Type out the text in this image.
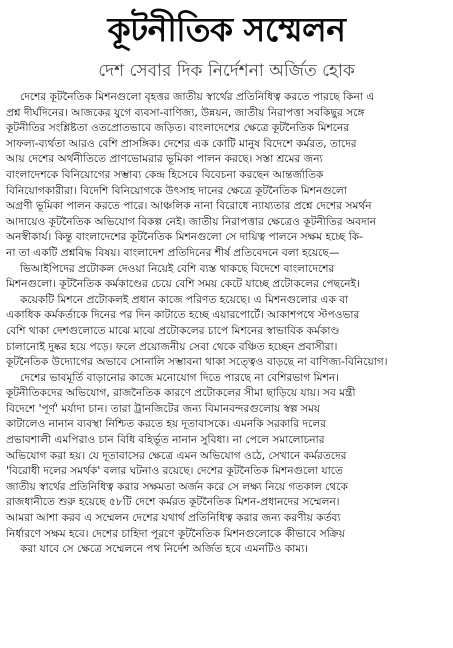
কূটনীতিক সম্মেলন
দেশ সেবার দিক নির্দেশনা অর্জিত হোক
দেশের কূটনৈতিক মিশনগুলো বৃহত্তর জাতীয় স্বার্থের প্রতিনিধিত্ব করতে পারছে কিনা এ
প্রশ্ন দীর্ঘদিনের। আজকের যুগে ব্যবসা-বাণিজ্য, উন্নয়ন, জাতীয় নিরাপত্তা সবকিছুর সঙ্গে
কূটনীতির সংশ্লিষ্টতা ওতপ্রোতভাবে জড়িত। বাংলাদেশের ক্ষেত্রে কূটনৈতিক মিশনের
সাফল্য-ব্যর্থতা আরও বেশি প্রাসঙ্গিক। দেশের এক কোটি মানুষ বিদেশে কর্মরত, তাদের
আয় দেশের অর্থনীতিতে প্রাণভোমরার ভূমিকা পালন করছে। সস্তা শ্রমের জন্য
বাংলাদেশকে বিনিয়োগের সম্ভাব্য কেন্দ্র হিসেবে বিবেচনা করছেন আন্তর্জাতিক
বিনিয়োগকারীরা। বিদেশি বিনিয়োগকে উৎসাহ দানের ক্ষেত্রে কূটনৈতিক মিশনগুলো
অগ্রণী ভূমিকা পালন করতে পারে। আঞ্চলিক নানা বিরোধে ন্যায্যতার প্রশ্নে দেশের সমর্থন
আদায়েও কূটনৈতিক অভিযোগ বিকল্প নেই। জাতীয় নিরাপত্তার ক্ষেত্রেও কূটনীতির অবদান
অনস্বীকার্য। কিন্তু বাংলাদেশের কূটনৈতিক মিশনগুলো সে দায়িত্ব পালনে সক্ষম হচ্ছে কি-
না তা একটি প্রশ্নবিদ্ধ বিষয়। বাংলাদেশ প্রতিদিনের শীর্ষ প্রতিবেদনে বলা হয়েছে—
ভিআইপিদের প্রটোকল দেওয়া নিয়েই বেশি ব্যস্ত থাকছে বিদেশে বাংলাদেশের
মিশনগুলো। কূটনৈতিক কর্মকাণ্ডের চেয়ে বেশি সময় কেটে যাচ্ছে প্রটোকলের পেছনেই।
কয়েকটি মিশনে প্রটোকলই প্রধান কাজে পরিণত হয়েছে। এ মিশনগুলোর এক বা
একাধিক কর্মকর্তাকে দিনের পর দিন কাটাতে হচ্ছে এয়ারপোর্টে। আকাশপথে স্টপওভার
বেশি থাকা দেশগুলোতে মাঝে মাঝে প্রটোকলের চাপে মিশনের স্বাভাবিক কর্মকাণ্ড
চালানোই দুষ্কর হয়ে পড়ে। ফলে প্রয়োজনীয় সেবা থেকে বঞ্চিত হচ্ছেন প্রবাসীরা।
কূটনৈতিক উদ্যোগের অভাবে সোনালি সম্ভাবনা থাকা সত্ত্বেও বাড়ছে না বাণিজ্য-বিনিয়োগ।
দেশের ভাবমূর্তি বাড়ানোর কাজে মনোযোগ দিতে পারছে না বেশিরভাগ মিশন।
কূটনীতিকদের অভিযোগ, রাজনৈতিক কারণে প্রটোকলের সীমা ছাড়িয়ে যায়। সব মন্ত্রী
বিদেশে 'পূর্ণ' মর্যাদা চান। তারা ট্রানজিটের জন্য বিমানবন্দরগুলোয় স্বল্প সময়
কাটালেও নানান ব্যবস্থা নিশ্চিত করতে হয় দূতাবাসকে। এমনকি সরকারি দলের
প্রভাবশালী এমপিরাও চান বিধি বহির্ভূত নানান সুবিধা। না পেলে সমালোচনার
অভিযোগ করা হয়। যে দূতাবাসের ক্ষেত্রে এমন অভিযোগ ওঠে, সেখানে কর্মরতদের
'বিরোধী দলের সমর্থক' বলার ঘটনাও রয়েছে। দেশের কূটনৈতিক মিশনগুলো যাতে
জাতীয় স্বার্থের প্রতিনিধিত্ব করার সক্ষমতা অর্জন করে সে লক্ষ্য নিয়ে গতকাল থেকে
রাজধানীতে শুরু হয়েছে ৫৮টি দেশে কর্মরত কূটনৈতিক মিশন-প্রধানদের সম্মেলন।
আমরা আশা করব এ সম্মেলন দেশের যথার্থ প্রতিনিধিত্ব করার জন্য করণীয় কর্তব্য
নির্ধারণে সক্ষম হবে। দেশের চাহিদা পূরণে কূটনৈতিক মিশনগুলোকে কীভাবে সক্রিয়
করা যাবে সে ক্ষেত্রে সম্মেলনে পথ নির্দেশ অর্জিত হবে এমনটিও কাম্য।
